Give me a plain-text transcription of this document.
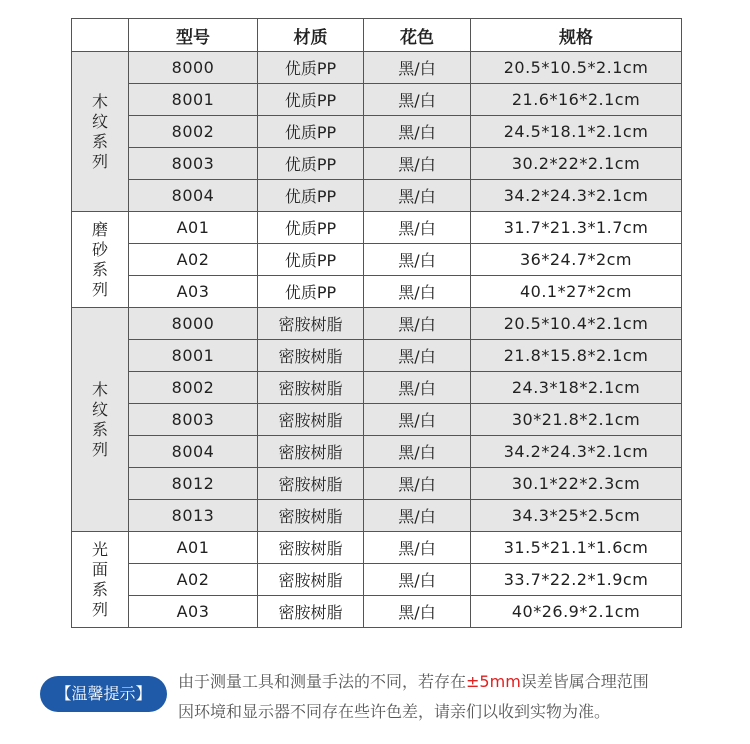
	型号	材质	花色	规格

木
纹
系
列	8000	优质PP	黑/白	20.5*10.5*2.1cm
	8001	优质PP	黑/白	21.6*16*2.1cm
	8002	优质PP	黑/白	24.5*18.1*2.1cm
	8003	优质PP	黑/白	30.2*22*2.1cm
	8004	优质PP	黑/白	34.2*24.3*2.1cm

磨
砂
系
列	A01	优质PP	黑/白	31.7*21.3*1.7cm
	A02	优质PP	黑/白	36*24.7*2cm
	A03	优质PP	黑/白	40.1*27*2cm

木
纹
系
列	8000	密胺树脂	黑/白	20.5*10.4*2.1cm
	8001	密胺树脂	黑/白	21.8*15.8*2.1cm
	8002	密胺树脂	黑/白	24.3*18*2.1cm
	8003	密胺树脂	黑/白	30*21.8*2.1cm
	8004	密胺树脂	黑/白	34.2*24.3*2.1cm
	8012	密胺树脂	黑/白	30.1*22*2.3cm
	8013	密胺树脂	黑/白	34.3*25*2.5cm

光
面
系
列	A01	密胺树脂	黑/白	31.5*21.1*1.6cm
	A02	密胺树脂	黑/白	33.7*22.2*1.9cm
	A03	密胺树脂	黑/白	40*26.9*2.1cm
【温馨提示】
由于测量工具和测量手法的不同，若存在±5mm误差皆属合理范围
因环境和显示器不同存在些许色差，请亲们以收到实物为准。
